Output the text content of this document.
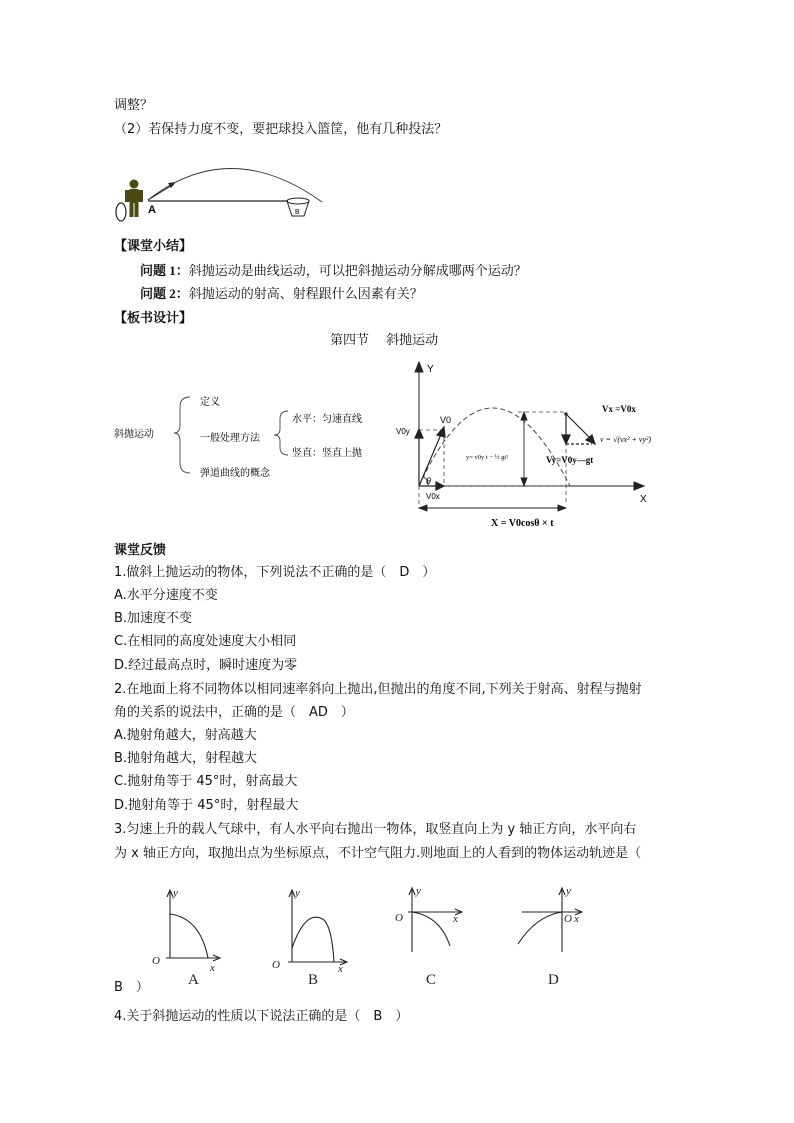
调整？
（2）若保持力度不变，要把球投入篮筐，他有几种投法？
A	B
【课堂小结】
问题 1：斜抛运动是曲线运动，可以把斜抛运动分解成哪两个运动？
问题 2：斜抛运动的射高、射程跟什么因素有关？
【板书设计】
第四节　 斜抛运动
斜抛运动
定义
一般处理方法
水平：匀速直线
竖直：竖直上抛
弹道曲线的概念
Y
X
V0
V0y
V0x
θ
y= v0y t − ½ gt²
Vx =V0x
v = √(vx² + vy²)
Vy=V0y—gt
X = V0cosθ × t
课堂反馈
1.做斜上抛运动的物体，下列说法不正确的是（　D　）
A.水平分速度不变
B.加速度不变
C.在相同的高度处速度大小相同
D.经过最高点时，瞬时速度为零
2.在地面上将不同物体以相同速率斜向上抛出,但抛出的角度不同,下列关于射高、射程与抛射
角的关系的说法中，正确的是（　AD　）
A.抛射角越大，射高越大
B.抛射角越大，射程越大
C.抛射角等于 45°时，射高最大
D.抛射角等于 45°时，射程最大
3.匀速上升的载人气球中，有人水平向右抛出一物体，取竖直向上为 y 轴正方向，水平向右
为 x 轴正方向，取抛出点为坐标原点，不计空气阻力.则地面上的人看到的物体运动轨迹是（
y
x
O
y
x
O
y
x
O
y
x
O
A	B	C	D
B　）
4.关于斜抛运动的性质以下说法正确的是（　B　）
